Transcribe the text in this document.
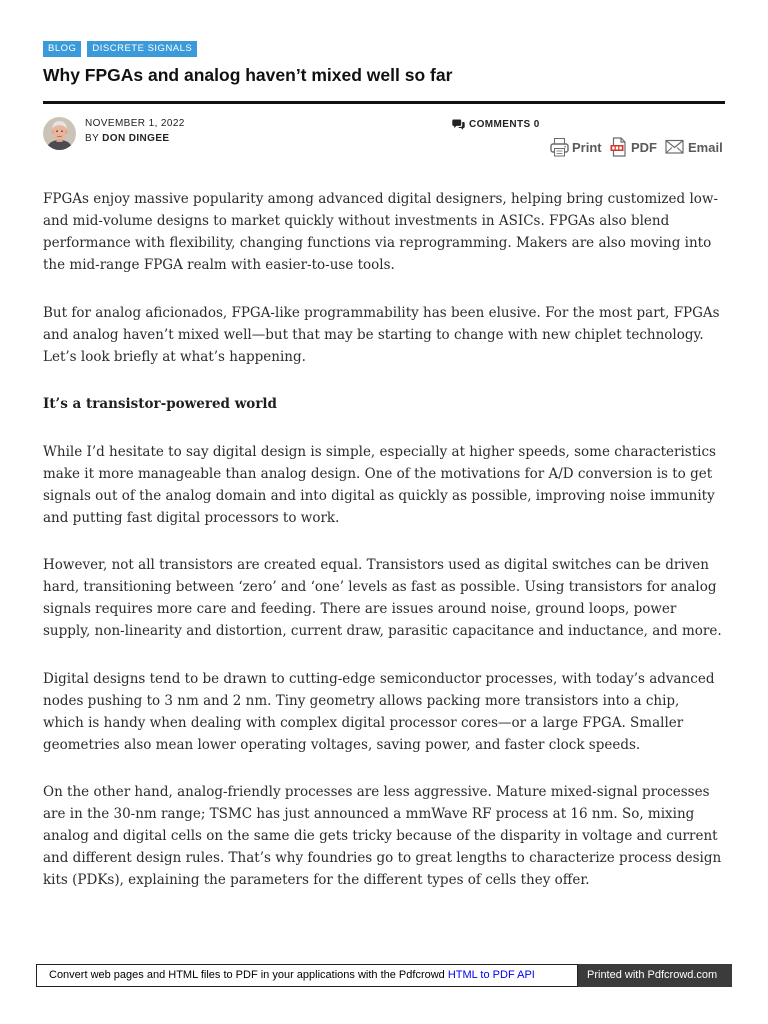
BLOG	DISCRETE SIGNALS
Why FPGAs and analog haven’t mixed well so far
NOVEMBER 1, 2022
BY DON DINGEE
COMMENTS 0
Print PDF Email

FPGAs enjoy massive popularity among advanced digital designers, helping bring customized low- and mid-volume designs to market quickly without investments in ASICs. FPGAs also blend performance with flexibility, changing functions via reprogramming. Makers are also moving into the mid-range FPGA realm with easier-to-use tools.

But for analog aficionados, FPGA-like programmability has been elusive. For the most part, FPGAs and analog haven’t mixed well—but that may be starting to change with new chiplet technology. Let’s look briefly at what’s happening.

It’s a transistor-powered world

While I’d hesitate to say digital design is simple, especially at higher speeds, some characteristics make it more manageable than analog design. One of the motivations for A/D conversion is to get signals out of the analog domain and into digital as quickly as possible, improving noise immunity and putting fast digital processors to work.

However, not all transistors are created equal. Transistors used as digital switches can be driven hard, transitioning between ‘zero’ and ‘one’ levels as fast as possible. Using transistors for analog signals requires more care and feeding. There are issues around noise, ground loops, power supply, non-linearity and distortion, current draw, parasitic capacitance and inductance, and more.

Digital designs tend to be drawn to cutting-edge semiconductor processes, with today’s advanced nodes pushing to 3 nm and 2 nm. Tiny geometry allows packing more transistors into a chip, which is handy when dealing with complex digital processor cores—or a large FPGA. Smaller geometries also mean lower operating voltages, saving power, and faster clock speeds.

On the other hand, analog-friendly processes are less aggressive. Mature mixed-signal processes are in the 30-nm range; TSMC has just announced a mmWave RF process at 16 nm. So, mixing analog and digital cells on the same die gets tricky because of the disparity in voltage and current and different design rules. That’s why foundries go to great lengths to characterize process design kits (PDKs), explaining the parameters for the different types of cells they offer.

Convert web pages and HTML files to PDF in your applications with the Pdfcrowd HTML to PDF API	Printed with Pdfcrowd.com
